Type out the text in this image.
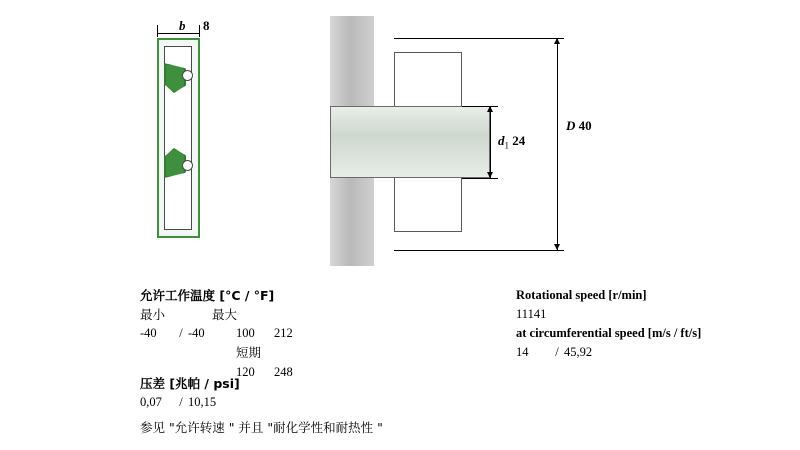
b 8
$d_1$ 24
D 40
允许工作温度 [°C / °F]
最小	最大
-40 / -40	100 212
短期
120 248
压差 [兆帕 / psi]
0,07 / 10,15
参见 "允许转速 " 并且 "耐化学性和耐热性 "
Rotational speed [r/min]
11141
at circumferential speed [m/s / ft/s]
14 / 45,92
